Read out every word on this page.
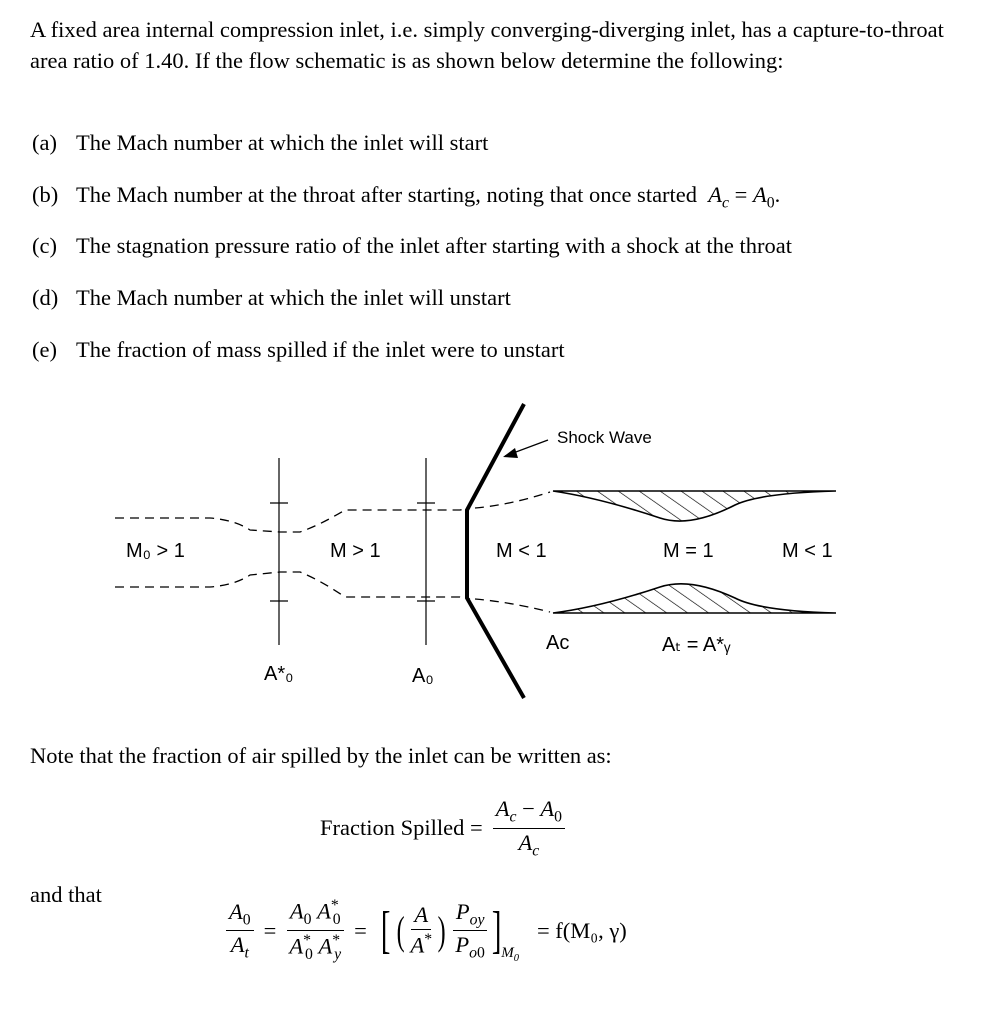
A fixed area internal compression inlet, i.e. simply converging-diverging inlet, has a capture-to-throat area ratio of 1.40. If the flow schematic is as shown below determine the following:

(a) The Mach number at which the inlet will start
(b) The Mach number at the throat after starting, noting that once started $A_c = A_0$.
(c) The stagnation pressure ratio of the inlet after starting with a shock at the throat
(d) The Mach number at which the inlet will unstart
(e) The fraction of mass spilled if the inlet were to unstart
Shock Wave
M₀ > 1	M > 1	M < 1	M = 1	M < 1
A*₀	A₀
Aᴄ	Aₜ = A*ᵧ
Note that the fraction of air spilled by the inlet can be written as:
Fraction Spilled = $\frac{A_c - A_0}{A_c}$
and that
$\frac{A_0}{A_t} = \frac{A_0 A^*_0}{A^*_0 A^*_y}$ = [ ( $\frac{A}{A^*}$ ) $\frac{P_{oy}}{P_{o0}}$ ] $M_0$
= f(M₀, γ)
